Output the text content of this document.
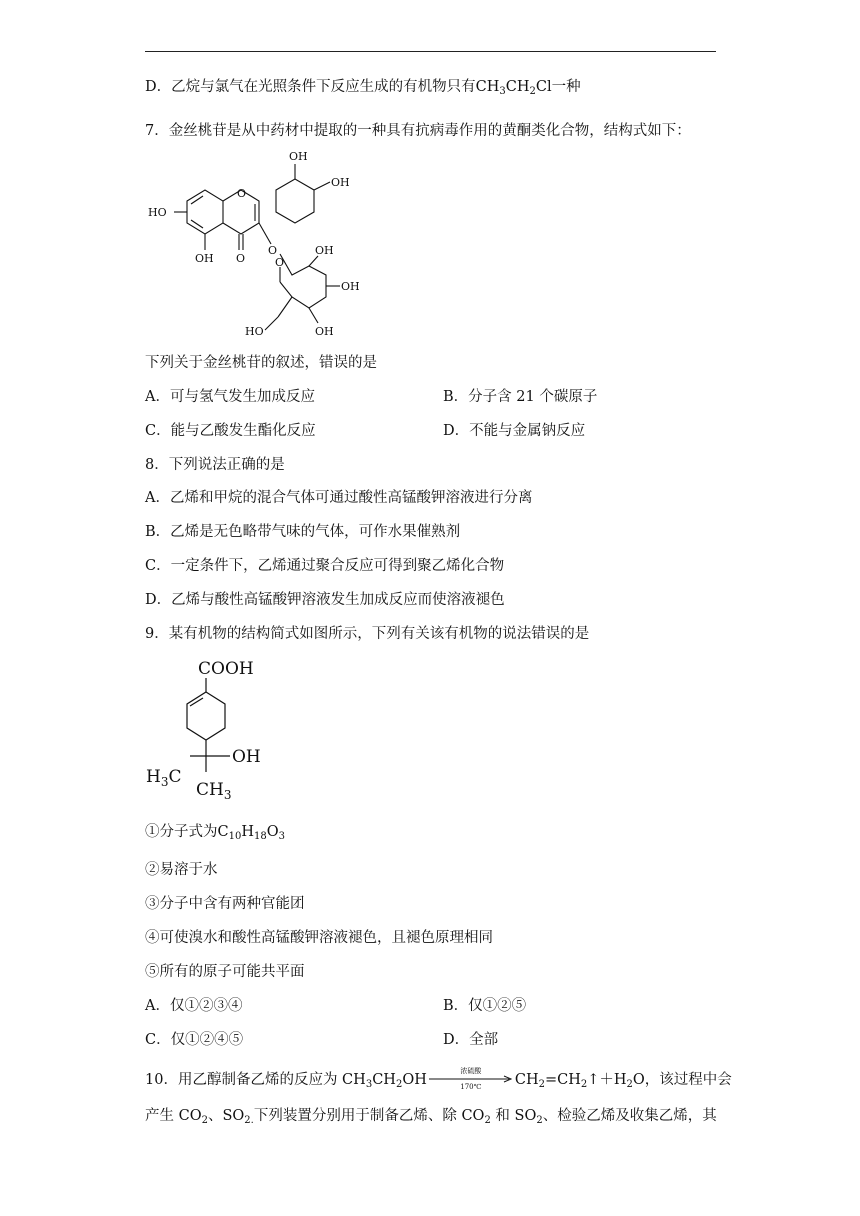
D．乙烷与氯气在光照条件下反应生成的有机物只有$CH_3CH_2Cl$一种
7．金丝桃苷是从中药材中提取的一种具有抗病毒作用的黄酮类化合物，结构式如下：
OH
OH
HO
O
O
OH O
OH
O
OH
HO	OH
下列关于金丝桃苷的叙述，错误的是
A．可与氢气发生加成反应	B．分子含 21 个碳原子
C．能与乙酸发生酯化反应	D．不能与金属钠反应
8．下列说法正确的是
A．乙烯和甲烷的混合气体可通过酸性高锰酸钾溶液进行分离
B．乙烯是无色略带气味的气体，可作水果催熟剂
C．一定条件下，乙烯通过聚合反应可得到聚乙烯化合物
D．乙烯与酸性高锰酸钾溶液发生加成反应而使溶液褪色
9．某有机物的结构简式如图所示，下列有关该有机物的说法错误的是
COOH
OH
$H_3C$
$CH_3$
①分子式为$C_{10}H_{18}O_3$
②易溶于水
③分子中含有两种官能团
④可使溴水和酸性高锰酸钾溶液褪色，且褪色原理相同
⑤所有的原子可能共平面
A．仅①②③④	B．仅①②⑤
C．仅①②④⑤	D．全部
10．用乙醇制备乙烯的反应为 $CH_3CH_2OH$
浓硫酸
170℃	$CH_2=CH_2↑+H_2O$，该过程中会
产生 $CO_2$、$SO_{2.}$下列装置分别用于制备乙烯、除 $CO_2$ 和 $SO_2$、检验乙烯及收集乙烯，其
